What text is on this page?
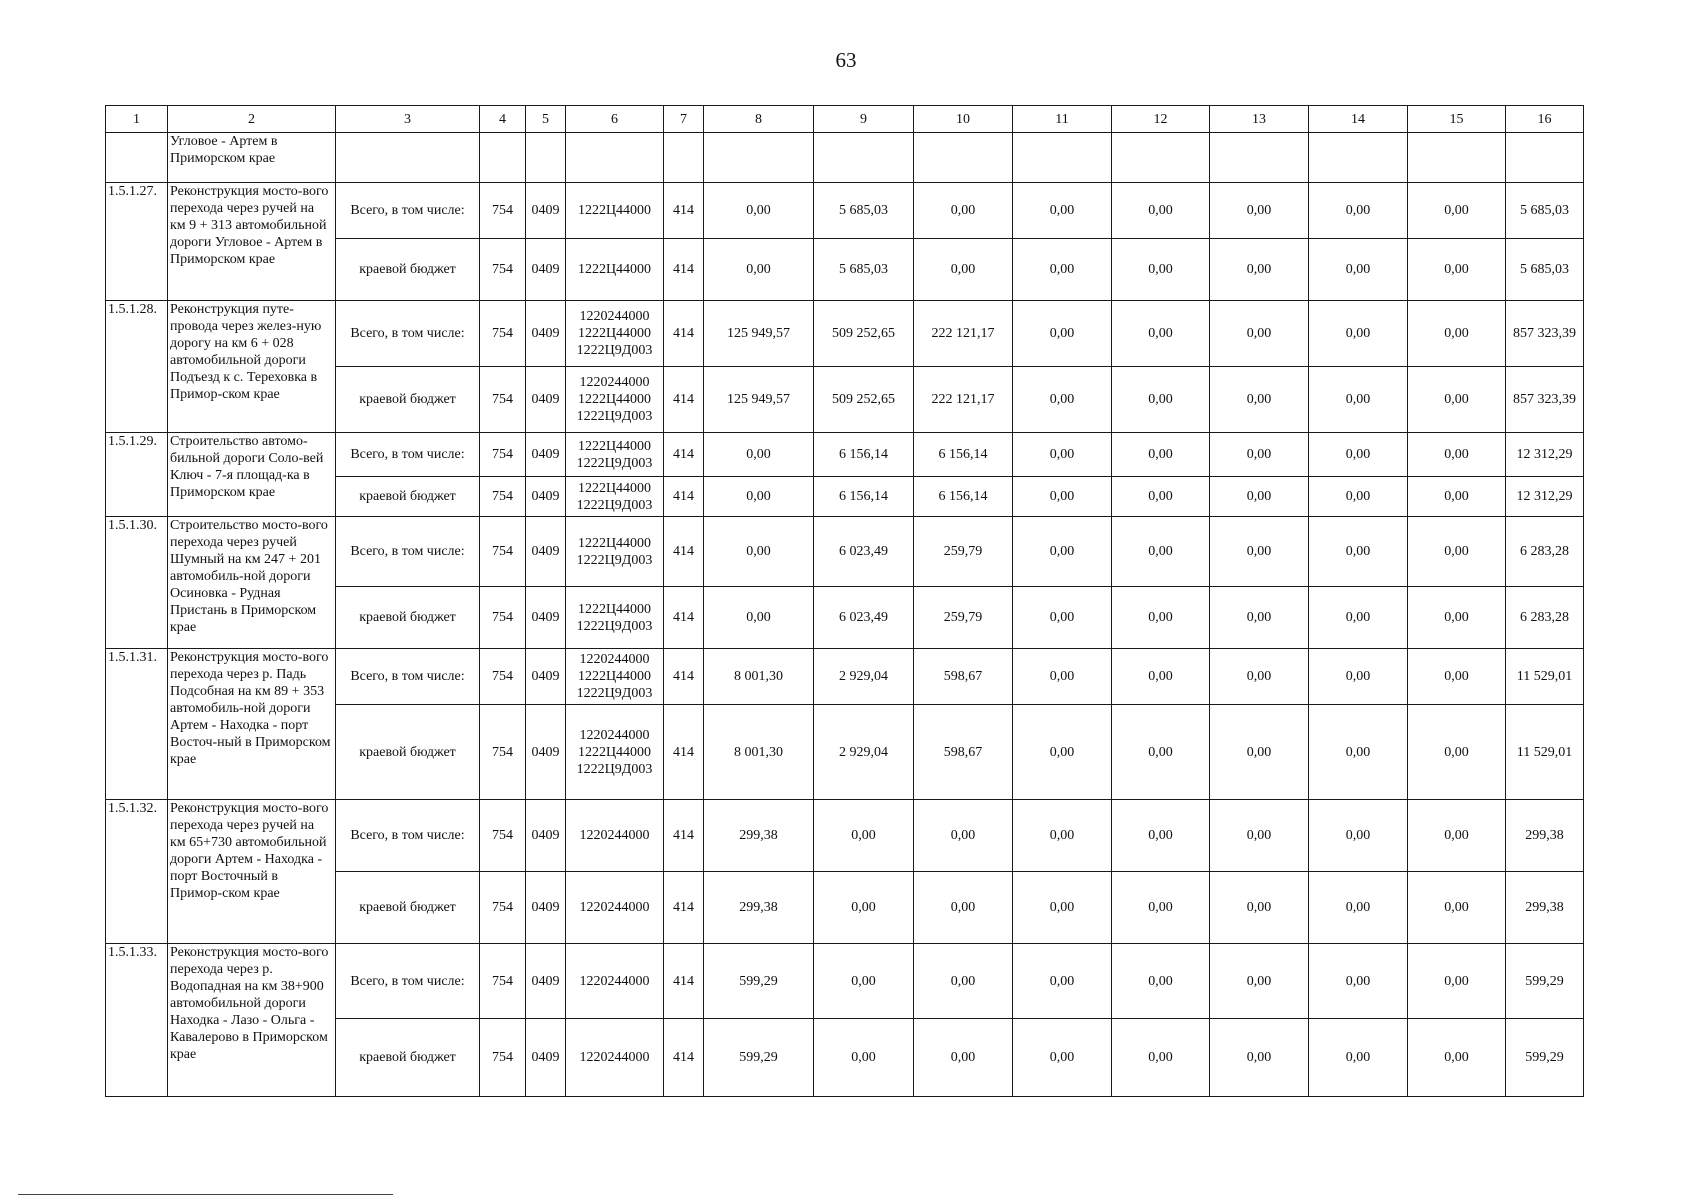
63
1	2	3	4	5	6	7	8	9	10	11	12	13	14	15	16
	Угловое - Артем в Приморском крае														
1.5.1.27.	Реконструкция мосто-вого перехода через ручей на км 9 + 313 автомобильной дороги Угловое - Артем в Приморском крае	Всего, в том числе:	754	0409	1222Ц44000	414	0,00	5 685,03	0,00	0,00	0,00	0,00	0,00	0,00	5 685,03
		краевой бюджет	754	0409	1222Ц44000	414	0,00	5 685,03	0,00	0,00	0,00	0,00	0,00	0,00	5 685,03
1.5.1.28.	Реконструкция путе-провода через желез-ную дорогу на км 6 + 028 автомобильной дороги Подъезд к с. Тереховка в Примор-ском крае	Всего, в том числе:	754	0409	1220244000
1222Ц44000
1222Ц9Д003	414	125 949,57	509 252,65	222 121,17	0,00	0,00	0,00	0,00	0,00	857 323,39
		краевой бюджет	754	0409	1220244000
1222Ц44000
1222Ц9Д003	414	125 949,57	509 252,65	222 121,17	0,00	0,00	0,00	0,00	0,00	857 323,39
1.5.1.29.	Строительство автомо-бильной дороги Соло-вей Ключ - 7-я площад-ка в Приморском крае	Всего, в том числе:	754	0409	1222Ц44000
1222Ц9Д003	414	0,00	6 156,14	6 156,14	0,00	0,00	0,00	0,00	0,00	12 312,29
		краевой бюджет	754	0409	1222Ц44000
1222Ц9Д003	414	0,00	6 156,14	6 156,14	0,00	0,00	0,00	0,00	0,00	12 312,29
1.5.1.30.	Строительство мосто-вого перехода через ручей Шумный на км 247 + 201 автомобиль-ной дороги Осиновка - Рудная Пристань в Приморском крае	Всего, в том числе:	754	0409	1222Ц44000
1222Ц9Д003	414	0,00	6 023,49	259,79	0,00	0,00	0,00	0,00	0,00	6 283,28
		краевой бюджет	754	0409	1222Ц44000
1222Ц9Д003	414	0,00	6 023,49	259,79	0,00	0,00	0,00	0,00	0,00	6 283,28
1.5.1.31.	Реконструкция мосто-вого перехода через р. Падь Подсобная на км 89 + 353 автомобиль-ной дороги Артем - Находка - порт Восточ-ный в Приморском крае	Всего, в том числе:	754	0409	1220244000
1222Ц44000
1222Ц9Д003	414	8 001,30	2 929,04	598,67	0,00	0,00	0,00	0,00	0,00	11 529,01
		краевой бюджет	754	0409	1220244000
1222Ц44000
1222Ц9Д003	414	8 001,30	2 929,04	598,67	0,00	0,00	0,00	0,00	0,00	11 529,01
1.5.1.32.	Реконструкция мосто-вого перехода через ручей на км 65+730 автомобильной дороги Артем - Находка - порт Восточный в Примор-ском крае	Всего, в том числе:	754	0409	1220244000	414	299,38	0,00	0,00	0,00	0,00	0,00	0,00	0,00	299,38
		краевой бюджет	754	0409	1220244000	414	299,38	0,00	0,00	0,00	0,00	0,00	0,00	0,00	299,38
1.5.1.33.	Реконструкция мосто-вого перехода через р. Водопадная на км 38+900 автомобильной дороги Находка - Лазо - Ольга - Кавалерово в Приморском крае	Всего, в том числе:	754	0409	1220244000	414	599,29	0,00	0,00	0,00	0,00	0,00	0,00	0,00	599,29
		краевой бюджет	754	0409	1220244000	414	599,29	0,00	0,00	0,00	0,00	0,00	0,00	0,00	599,29
